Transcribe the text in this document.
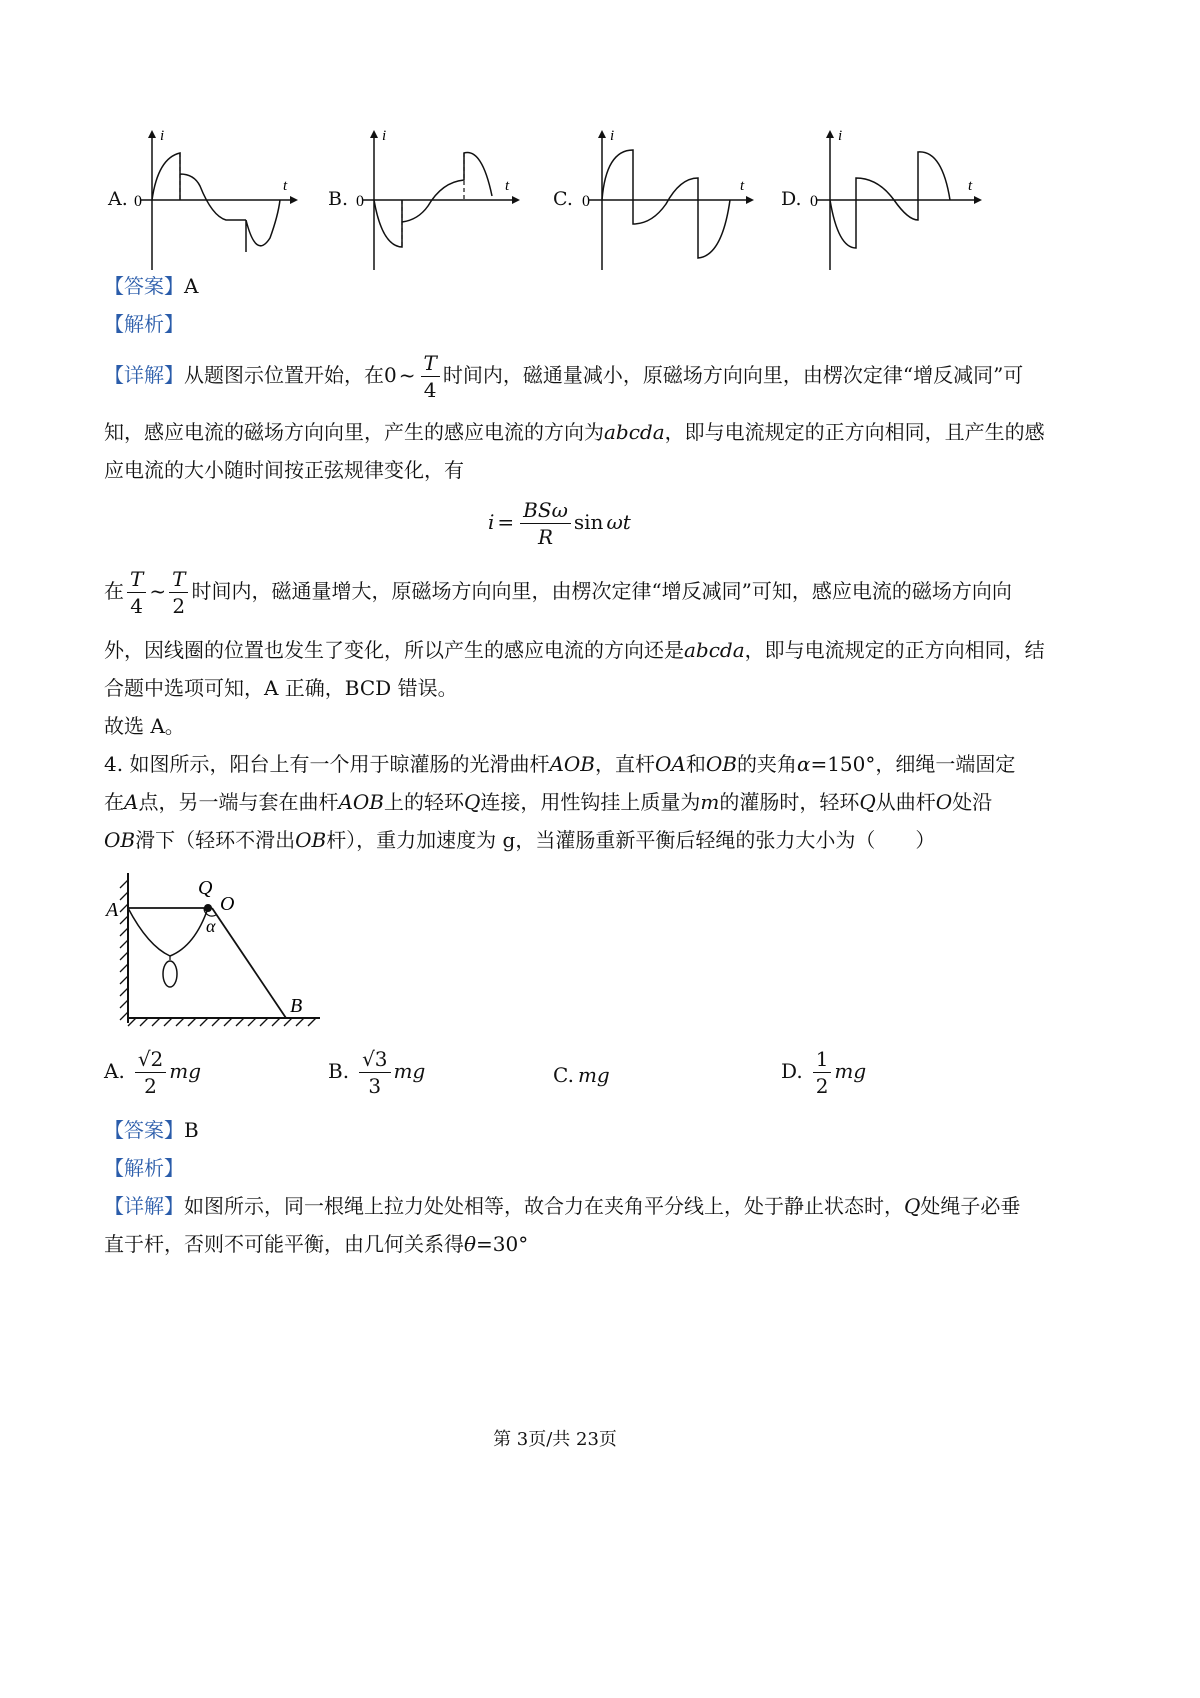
A. 0
i
t
B. 0
i
t
C. 0
i
t
D. 0
i
t
【答案】A
【解析】
【详解】从题图示位置开始，在0 ~ $\frac{T}{4}$ 时间内，磁通量减小，原磁场方向向里，由楞次定律“增反减同”可
知，感应电流的磁场方向向里，产生的感应电流的方向为abcda，即与电流规定的正方向相同，且产生的感
应电流的大小随时间按正弦规律变化，有
$i = \frac{\text{BSω}}{R}$ sin ωt
在 $\frac{T}{4}$ ~ $\frac{T}{2}$ 时间内，磁通量增大，原磁场方向向里，由楞次定律“增反减同”可知，感应电流的磁场方向向
外，因线圈的位置也发生了变化，所以产生的感应电流的方向还是abcda，即与电流规定的正方向相同，结
合题中选项可知，A 正确，BCD 错误。
故选 A。
4. 如图所示，阳台上有一个用于晾灌肠的光滑曲杆AOB，直杆OA和OB的夹角α=150°，细绳一端固定
在A点，另一端与套在曲杆AOB上的轻环Q连接，用性钩挂上质量为m的灌肠时，轻环Q从曲杆O处沿
OB滑下（轻环不滑出OB杆），重力加速度为 g，当灌肠重新平衡后轻绳的张力大小为（　　）
A
Q
O
α
B
A. $\frac{√2}{2}$ mg	B. $\frac{√3}{3}$ mg	C. mg	D. $\frac{1}{2}$ mg
【答案】B
【解析】
【详解】如图所示，同一根绳上拉力处处相等，故合力在夹角平分线上，处于静止状态时，Q处绳子必垂
直于杆，否则不可能平衡，由几何关系得θ=30°
第 3页/共 23页
